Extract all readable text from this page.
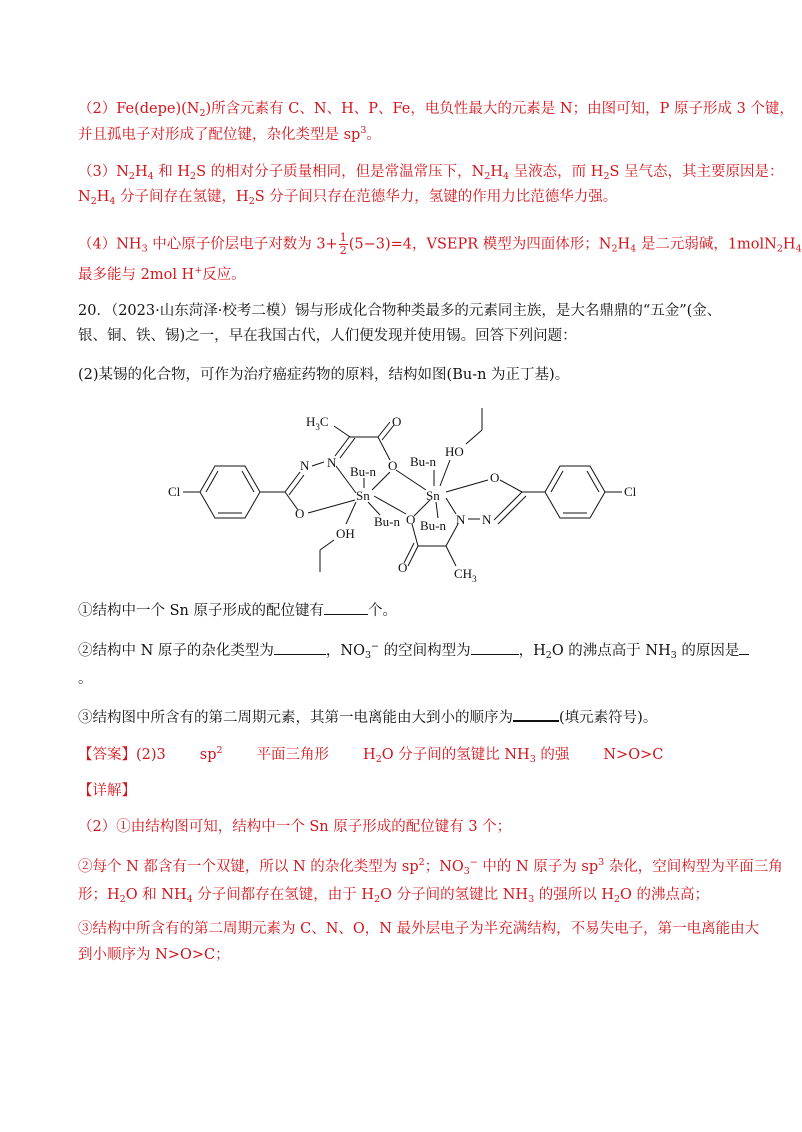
$(2)Fe(depe)(N_2)$所含元素有 C、N、H、P、Fe，电负性最大的元素是 N；由图可知，P 原子形成 3 个键，
并且孤电子对形成了配位键，杂化类型是 $sp^3$。
$(3)N_2H_4$ 和 $H_2S$ 的相对分子质量相同，但是常温常压下，$N_2H_4$ 呈液态，而 $H_2S$ 呈气态，其主要原因是：
$N_2H_4$ 分子间存在氢键，$H_2S$ 分子间只存在范德华力，氢键的作用力比范德华力强。
$(4)NH_3$ 中心原子价层电子对数为 $3+ \frac{1}{2} (5-3)=4$，VSEPR 模型为四面体形；$N_2H_4$ 是二元弱碱，$1molN_2H_4$
最多能与 2mol H+反应。
20．（2023·山东菏泽·校考二模）锡与形成化合物种类最多的元素同主族，是大名鼎鼎的“五金”(金、
银、铜、铁、锡)之一，早在我国古代，人们便发现并使用锡。回答下列问题：
(2)某锡的化合物，可作为治疗癌症药物的原料，结构如图(Bu-n 为正丁基)。
Cl
O
N N
$H_3C$	O
Sn
Bu-n O
Bu-n O
OH
Sn
Bu-n
HO
Bu-n
O
N N
O	$CH_3$
Cl
①结构中一个 Sn 原子形成的配位键有	个。
②结构中 N 原子的杂化类型为	，$NO_3^-$ 的空间构型为	，$H_2O$ 的沸点高于 $NH_3$ 的原因是
。
③结构图中所含有的第二周期元素，其第一电离能由大到小的顺序为	(填元素符号)。
【答案】(2)3 $sp^2$ 平面三角形 $H_2O$ 分子间的氢键比 $NH_3$ 的强 N>O>C
【详解】
（2）①由结构图可知，结构中一个 Sn 原子形成的配位键有 3 个；
②每个 N 都含有一个双键，所以 N 的杂化类型为 $sp^2$；$NO_3^-$ 中的 N 原子为 $sp^3$ 杂化，空间构型为平面三角
形；$H_2O$ 和 $NH_4$ 分子间都存在氢键，由于 $H_2O$ 分子间的氢键比 $NH_3$ 的强所以 $H_2O$ 的沸点高；
③结构中所含有的第二周期元素为 C、N、O，N 最外层电子为半充满结构，不易失电子，第一电离能由大
到小顺序为 N>O>C；
